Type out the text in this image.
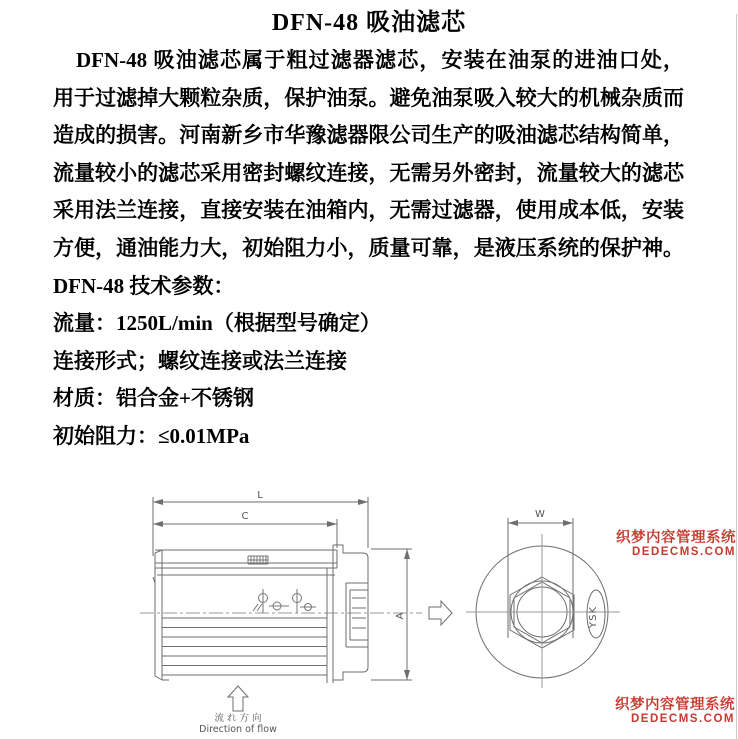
DFN-48 吸油滤芯
DFN-48 吸油滤芯属于粗过滤器滤芯，安装在油泵的进油口处，
用于过滤掉大颗粒杂质，保护油泵。避免油泵吸入较大的机械杂质而
造成的损害。河南新乡市华豫滤器限公司生产的吸油滤芯结构简单，
流量较小的滤芯采用密封螺纹连接，无需另外密封，流量较大的滤芯
采用法兰连接，直接安装在油箱内，无需过滤器，使用成本低，安装
方便，通油能力大，初始阻力小，质量可靠，是液压系统的保护神。
DFN-48 技术参数：
流量：1250L/min（根据型号确定）
连接形式；螺纹连接或法兰连接
材质：铝合金+不锈钢
初始阻力：≤0.01MPa
L
C
A
流 れ 方 向
Direction of flow
W
YSK
织梦内容管理系统
DEDECMS.COM
织梦内容管理系统
DEDECMS.COM
